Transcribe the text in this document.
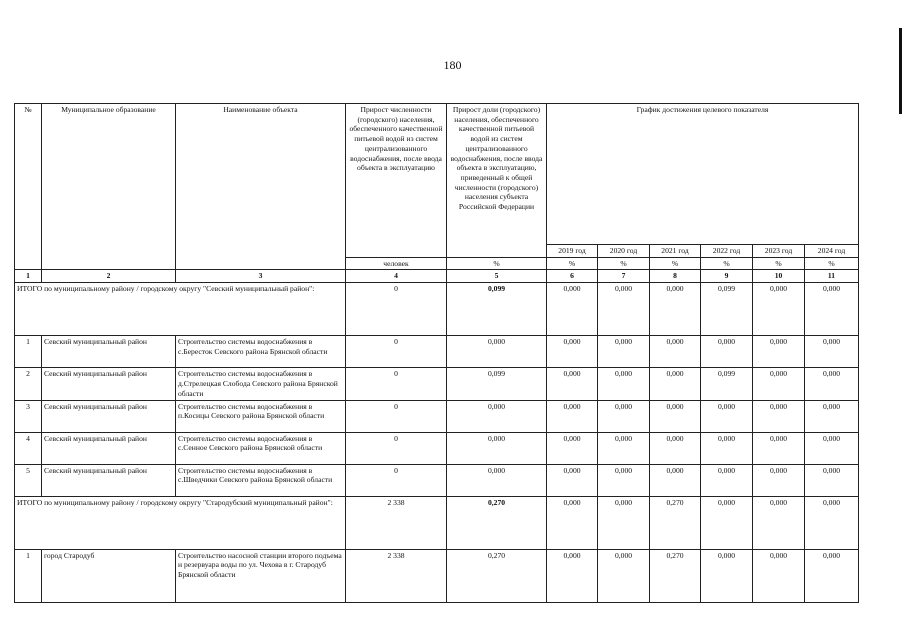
180
№	Муниципальное образование	Наименование объекта	Прирост численности (городского) населения, обеспеченного качественной питьевой водой из систем централизованного водоснабжения, после ввода объекта в эксплуатацию	Прирост доли (городского) населения, обеспеченного качественной питьевой водой из систем централизованного водоснабжения, после ввода объекта в эксплуатацию, приведенный к общей численности (городского) населения субъекта Российской Федерации	График достижения целевого показателя					
					2019 год	2020 год	2021 год	2022 год	2023 год	2024 год
			человек	%	%	%	%	%	%	%
1	2	3	4	5	6	7	8	9	10	11
ИТОГО по муниципальному району / городскому округу "Севский муниципальный район":			0	0,099	0,000	0,000	0,000	0,099	0,000	0,000
1	Севский муниципальный район	Строительство системы водоснабжения в с.Бересток Севского района Брянской области	0	0,000	0,000	0,000	0,000	0,000	0,000	0,000
2	Севский муниципальный район	Строительство системы водоснабжения в д.Стрелецкая Слобода Севского района Брянской области	0	0,099	0,000	0,000	0,000	0,099	0,000	0,000
3	Севский муниципальный район	Строительство системы водоснабжения в п.Косицы Севского района Брянской области	0	0,000	0,000	0,000	0,000	0,000	0,000	0,000
4	Севский муниципальный район	Строительство системы водоснабжения в с.Сенное Севского района Брянской области	0	0,000	0,000	0,000	0,000	0,000	0,000	0,000
5	Севский муниципальный район	Строительство системы водоснабжения в с.Шведчики Севского района Брянской области	0	0,000	0,000	0,000	0,000	0,000	0,000	0,000
ИТОГО по муниципальному району / городскому округу "Стародубский муниципальный район":			2 338	0,270	0,000	0,000	0,270	0,000	0,000	0,000
1	город Стародуб	Строительство насосной станции второго подъема и резервуара воды по ул. Чехова в г. Стародуб Брянской области	2 338	0,270	0,000	0,000	0,270	0,000	0,000	0,000
